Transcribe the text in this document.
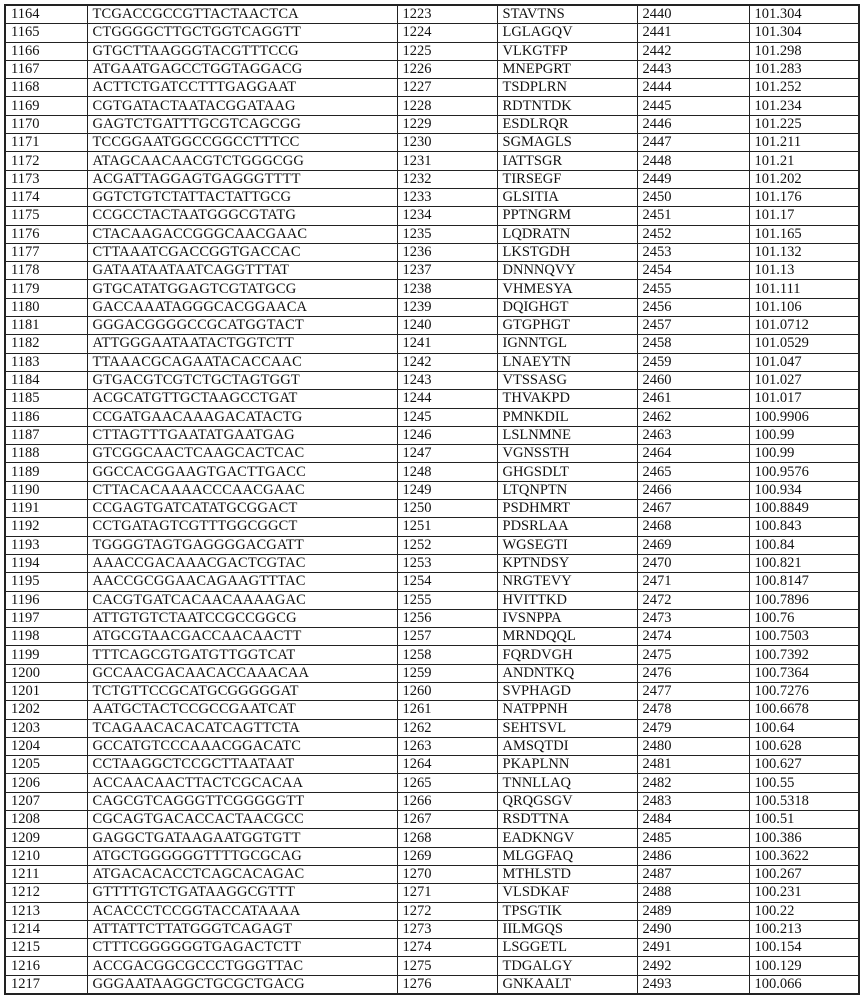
1164	TCGACCGCCGTTACTAACTCA	1223	STAVTNS	2440	101.304
1165	CTGGGGCTTGCTGGTCAGGTT	1224	LGLAGQV	2441	101.304
1166	GTGCTTAAGGGTACGTTTCCG	1225	VLKGTFP	2442	101.298
1167	ATGAATGAGCCTGGTAGGACG	1226	MNEPGRT	2443	101.283
1168	ACTTCTGATCCTTTGAGGAAT	1227	TSDPLRN	2444	101.252
1169	CGTGATACTAATACGGATAAG	1228	RDTNTDK	2445	101.234
1170	GAGTCTGATTTGCGTCAGCGG	1229	ESDLRQR	2446	101.225
1171	TCCGGAATGGCCGGCCTTTCC	1230	SGMAGLS	2447	101.211
1172	ATAGCAACAACGTCTGGGCGG	1231	IATTSGR	2448	101.21
1173	ACGATTAGGAGTGAGGGTTTT	1232	TIRSEGF	2449	101.202
1174	GGTCTGTCTATTACTATTGCG	1233	GLSITIA	2450	101.176
1175	CCGCCTACTAATGGGCGTATG	1234	PPTNGRM	2451	101.17
1176	CTACAAGACCGGGCAACGAAC	1235	LQDRATN	2452	101.165
1177	CTTAAATCGACCGGTGACCAC	1236	LKSTGDH	2453	101.132
1178	GATAATAATAATCAGGTTTAT	1237	DNNNQVY	2454	101.13
1179	GTGCATATGGAGTCGTATGCG	1238	VHMESYA	2455	101.111
1180	GACCAAATAGGGCACGGAACA	1239	DQIGHGT	2456	101.106
1181	GGGACGGGGCCGCATGGTACT	1240	GTGPHGT	2457	101.0712
1182	ATTGGGAATAATACTGGTCTT	1241	IGNNTGL	2458	101.0529
1183	TTAAACGCAGAATACACCAAC	1242	LNAEYTN	2459	101.047
1184	GTGACGTCGTCTGCTAGTGGT	1243	VTSSASG	2460	101.027
1185	ACGCATGTTGCTAAGCCTGAT	1244	THVAKPD	2461	101.017
1186	CCGATGAACAAAGACATACTG	1245	PMNKDIL	2462	100.9906
1187	CTTAGTTTGAATATGAATGAG	1246	LSLNMNE	2463	100.99
1188	GTCGGCAACTCAAGCACTCAC	1247	VGNSSTH	2464	100.99
1189	GGCCACGGAAGTGACTTGACC	1248	GHGSDLT	2465	100.9576
1190	CTTACACAAAACCCAACGAAC	1249	LTQNPTN	2466	100.934
1191	CCGAGTGATCATATGCGGACT	1250	PSDHMRT	2467	100.8849
1192	CCTGATAGTCGTTTGGCGGCT	1251	PDSRLAA	2468	100.843
1193	TGGGGTAGTGAGGGGACGATT	1252	WGSEGTI	2469	100.84
1194	AAACCGACAAACGACTCGTAC	1253	KPTNDSY	2470	100.821
1195	AACCGCGGAACAGAAGTTTAC	1254	NRGTEVY	2471	100.8147
1196	CACGTGATCACAACAAAAGAC	1255	HVITTKD	2472	100.7896
1197	ATTGTGTCTAATCCGCCGGCG	1256	IVSNPPA	2473	100.76
1198	ATGCGTAACGACCAACAACTT	1257	MRNDQQL	2474	100.7503
1199	TTTCAGCGTGATGTTGGTCAT	1258	FQRDVGH	2475	100.7392
1200	GCCAACGACAACACCAAACAA	1259	ANDNTKQ	2476	100.7364
1201	TCTGTTCCGCATGCGGGGGAT	1260	SVPHAGD	2477	100.7276
1202	AATGCTACTCCGCCGAATCAT	1261	NATPPNH	2478	100.6678
1203	TCAGAACACACATCAGTTCTA	1262	SEHTSVL	2479	100.64
1204	GCCATGTCCCAAACGGACATC	1263	AMSQTDI	2480	100.628
1205	CCTAAGGCTCCGCTTAATAAT	1264	PKAPLNN	2481	100.627
1206	ACCAACAACTTACTCGCACAA	1265	TNNLLAQ	2482	100.55
1207	CAGCGTCAGGGTTCGGGGGTT	1266	QRQGSGV	2483	100.5318
1208	CGCAGTGACACCACTAACGCC	1267	RSDTTNA	2484	100.51
1209	GAGGCTGATAAGAATGGTGTT	1268	EADKNGV	2485	100.386
1210	ATGCTGGGGGGTTTTGCGCAG	1269	MLGGFAQ	2486	100.3622
1211	ATGACACACCTCAGCACAGAC	1270	MTHLSTD	2487	100.267
1212	GTTTTGTCTGATAAGGCGTTT	1271	VLSDKAF	2488	100.231
1213	ACACCCTCCGGTACCATAAAA	1272	TPSGTIK	2489	100.22
1214	ATTATTCTTATGGGTCAGAGT	1273	IILMGQS	2490	100.213
1215	CTTTCGGGGGGTGAGACTCTT	1274	LSGGETL	2491	100.154
1216	ACCGACGGCGCCCTGGGTTAC	1275	TDGALGY	2492	100.129
1217	GGGAATAAGGCTGCGCTGACG	1276	GNKAALT	2493	100.066
